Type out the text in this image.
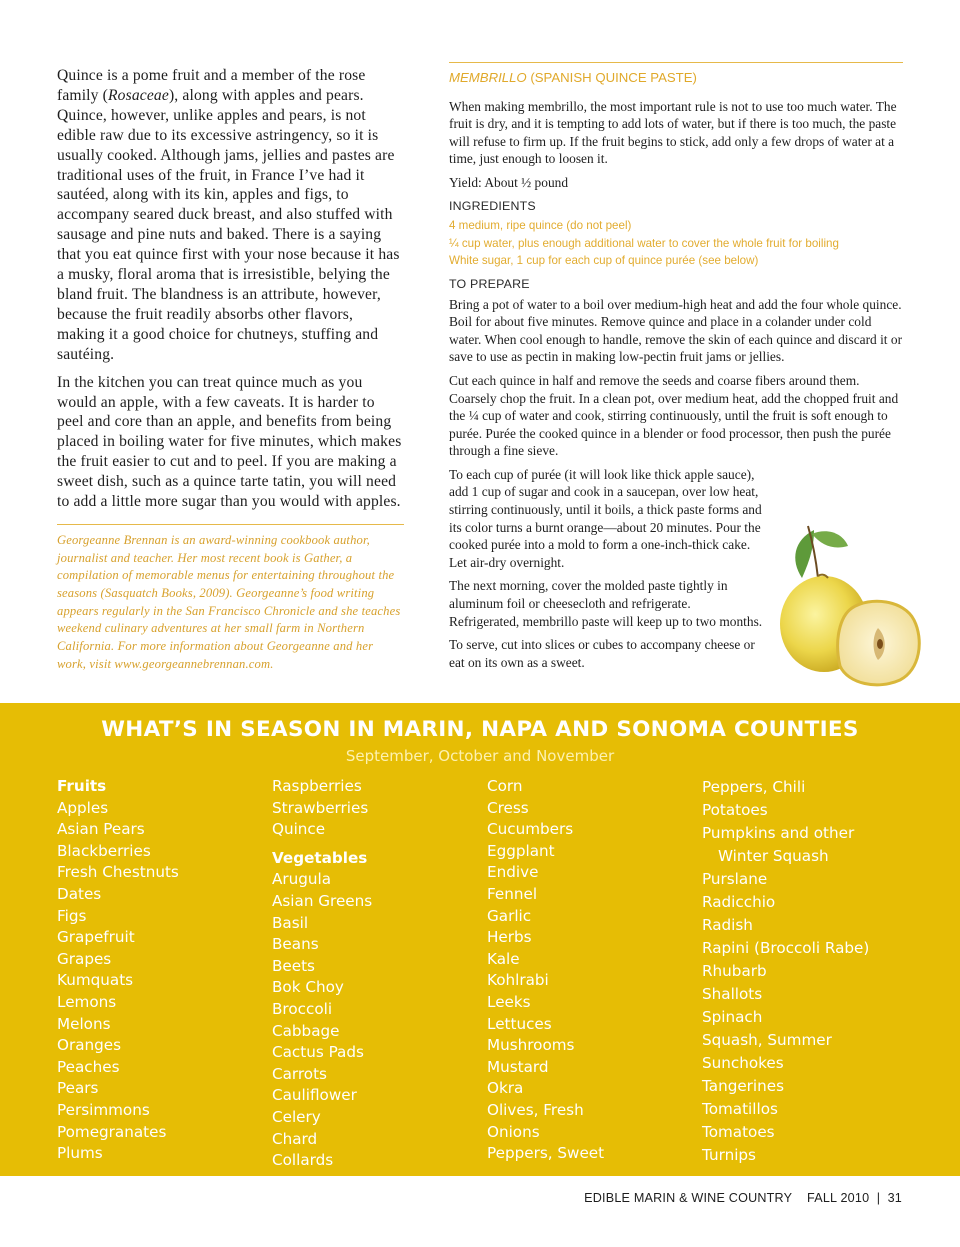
Quince is a pome fruit and a member of the rose family (Rosaceae), along with apples and pears. Quince, however, unlike apples and pears, is not edible raw due to its excessive astringency, so it is usually cooked. Although jams, jellies and pastes are traditional uses of the fruit, in France I’ve had it sautéed, along with its kin, apples and figs, to accompany seared duck breast, and also stuffed with sausage and pine nuts and baked. There is a saying that you eat quince first with your nose because it has a musky, floral aroma that is irresistible, belying the bland fruit. The blandness is an attribute, however, because the fruit readily absorbs other flavors, making it a good choice for chutneys, stuffing and sautéing.

In the kitchen you can treat quince much as you would an apple, with a few caveats. It is harder to peel and core than an apple, and benefits from being placed in boiling water for five minutes, which makes the fruit easier to cut and to peel. If you are making a sweet dish, such as a quince tarte tatin, you will need to add a little more sugar than you would with apples.

Georgeanne Brennan is an award-winning cookbook author, journalist and teacher. Her most recent book is Gather, a compilation of memorable menus for entertaining throughout the seasons (Sasquatch Books, 2009). Georgeanne’s food writing appears regularly in the San Francisco Chronicle and she teaches weekend culinary adventures at her small farm in Northern California. For more information about Georgeanne and her work, visit www.georgeannebrennan.com.

MEMBRILLO (SPANISH QUINCE PASTE)

When making membrillo, the most important rule is not to use too much water. The fruit is dry, and it is tempting to add lots of water, but if there is too much, the paste will refuse to firm up. If the fruit begins to stick, add only a few drops of water at a time, just enough to loosen it.

Yield: About ½ pound

INGREDIENTS
4 medium, ripe quince (do not peel)
¼ cup water, plus enough additional water to cover the whole fruit for boiling
White sugar, 1 cup for each cup of quince purée (see below)
TO PREPARE

Bring a pot of water to a boil over medium-high heat and add the four whole quince. Boil for about five minutes. Remove quince and place in a colander under cold water. When cool enough to handle, remove the skin of each quince and discard it or save to use as pectin in making low-pectin fruit jams or jellies.

Cut each quince in half and remove the seeds and coarse fibers around them. Coarsely chop the fruit. In a clean pot, over medium heat, add the chopped fruit and the ¼ cup of water and cook, stirring continuously, until the fruit is soft enough to purée. Purée the cooked quince in a blender or food processor, then push the purée through a fine sieve.

To each cup of purée (it will look like thick apple sauce), add 1 cup of sugar and cook in a saucepan, over low heat, stirring continuously, until it boils, a thick paste forms and its color turns a burnt orange—about 20 minutes. Pour the cooked purée into a mold to form a one-inch-thick cake. Let air-dry overnight.

The next morning, cover the molded paste tightly in aluminum foil or cheesecloth and refrigerate. Refrigerated, membrillo paste will keep up to two months.

To serve, cut into slices or cubes to accompany cheese or eat on its own as a sweet.

WHAT’S IN SEASON IN MARIN, NAPA AND SONOMA COUNTIES
September, October and November
Fruits
Apples
Asian Pears
Blackberries
Fresh Chestnuts
Dates
Figs
Grapefruit
Grapes
Kumquats
Lemons
Melons
Oranges
Peaches
Pears
Persimmons
Pomegranates
Plums
Raspberries
Strawberries
Quince
Vegetables
Arugula
Asian Greens
Basil
Beans
Beets
Bok Choy
Broccoli
Cabbage
Cactus Pads
Carrots
Cauliflower
Celery
Chard
Collards
Corn
Cress
Cucumbers
Eggplant
Endive
Fennel
Garlic
Herbs
Kale
Kohlrabi
Leeks
Lettuces
Mushrooms
Mustard
Okra
Olives, Fresh
Onions
Peppers, Sweet
Peppers, Chili
Potatoes
Pumpkins and other
Winter Squash
Purslane
Radicchio
Radish
Rapini (Broccoli Rabe)
Rhubarb
Shallots
Spinach
Squash, Summer
Sunchokes
Tangerines
Tomatillos
Tomatoes
Turnips
EDIBLE MARIN & WINE COUNTRY FALL 2010 | 31
